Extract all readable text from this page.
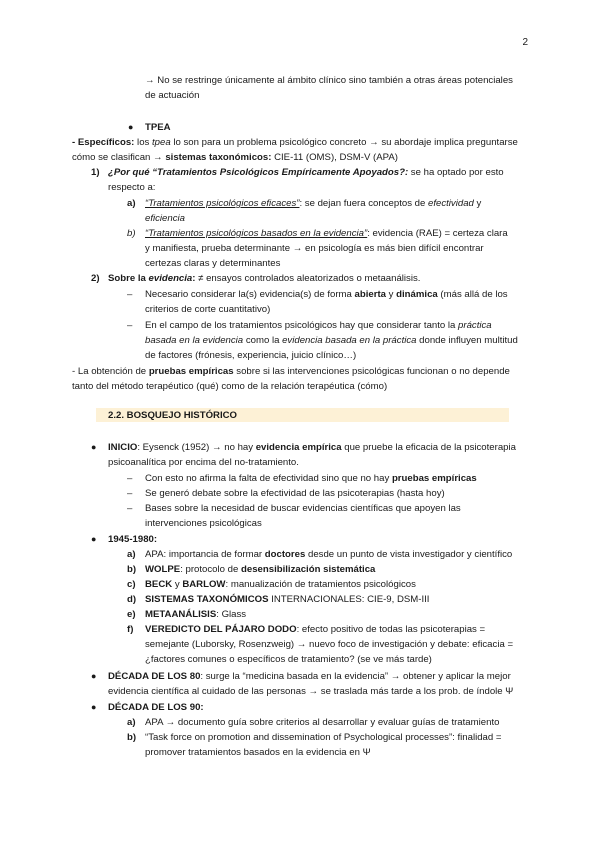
2
→ No se restringe únicamente al ámbito clínico sino también a otras áreas potenciales de actuación
● TPEA
- Específicos: los tpea lo son para un problema psicológico concreto → su abordaje implica preguntarse cómo se clasifican → sistemas taxonómicos: CIE-11 (OMS), DSM-V (APA)
1) ¿Por qué “Tratamientos Psicológicos Empíricamente Apoyados?: se ha optado por esto respecto a:
a) “Tratamientos psicológicos eficaces”: se dejan fuera conceptos de efectividad y eficiencia
b) “Tratamientos psicológicos basados en la evidencia”: evidencia (RAE) = certeza clara y manifiesta, prueba determinante → en psicología es más bien difícil encontrar certezas claras y determinantes
2) Sobre la evidencia: ≠ ensayos controlados aleatorizados o metaanálisis.
– Necesario considerar la(s) evidencia(s) de forma abierta y dinámica (más allá de los criterios de corte cuantitativo)
– En el campo de los tratamientos psicológicos hay que considerar tanto la práctica basada en la evidencia como la evidencia basada en la práctica donde influyen multitud de factores (frónesis, experiencia, juicio clínico…)
- La obtención de pruebas empíricas sobre si las intervenciones psicológicas funcionan o no depende tanto del método terapéutico (qué) como de la relación terapéutica (cómo)
2.2. BOSQUEJO HISTÓRICO
● INICIO: Eysenck (1952) → no hay evidencia empírica que pruebe la eficacia de la psicoterapia psicoanalítica por encima del no-tratamiento.
– Con esto no afirma la falta de efectividad sino que no hay pruebas empíricas
– Se generó debate sobre la efectividad de las psicoterapias (hasta hoy)
– Bases sobre la necesidad de buscar evidencias científicas que apoyen las intervenciones psicológicas
● 1945-1980:
a) APA: importancia de formar doctores desde un punto de vista investigador y científico
b) WOLPE: protocolo de desensibilización sistemática
c) BECK y BARLOW: manualización de tratamientos psicológicos
d) SISTEMAS TAXONÓMICOS INTERNACIONALES: CIE-9, DSM-III
e) METAANÁLISIS: Glass
f) VEREDICTO DEL PÁJARO DODO: efecto positivo de todas las psicoterapias = semejante (Luborsky, Rosenzweig) → nuevo foco de investigación y debate: eficacia = ¿factores comunes o específicos de tratamiento? (se ve más tarde)
● DÉCADA DE LOS 80: surge la “medicina basada en la evidencia” → obtener y aplicar la mejor evidencia científica al cuidado de las personas → se traslada más tarde a los prob. de índole Ψ
● DÉCADA DE LOS 90:
a) APA → documento guía sobre criterios al desarrollar y evaluar guías de tratamiento
b) “Task force on promotion and dissemination of Psychological processes”: finalidad = promover tratamientos basados en la evidencia en Ψ
